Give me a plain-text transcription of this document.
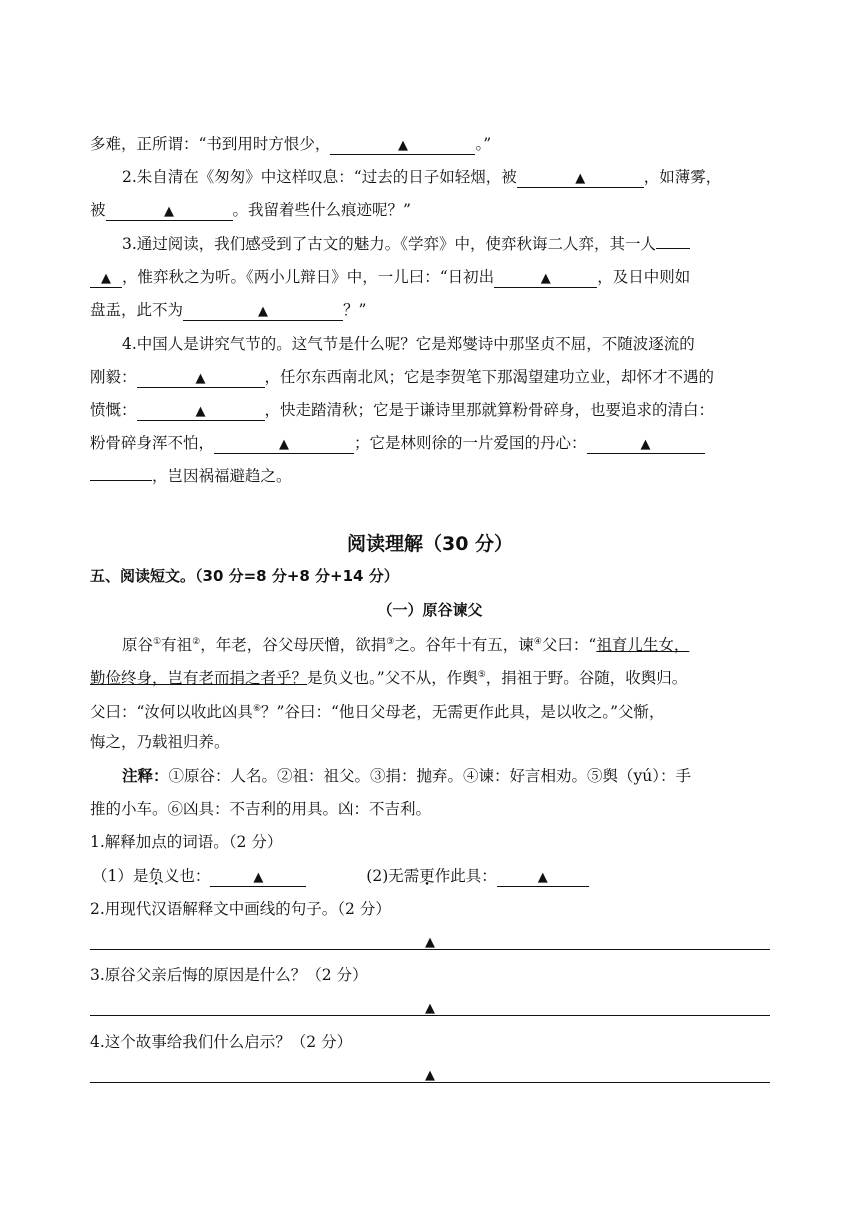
多难，正所谓：“书到用时方恨少，	▲	。”
2.朱自清在《匆匆》中这样叹息：“过去的日子如轻烟，被	▲	，如薄雾，
被	▲	。我留着些什么痕迹呢？”
3.通过阅读，我们感受到了古文的魅力。《学弈》中，使弈秋诲二人弈，其一人
▲ ，惟弈秋之为听。《两小儿辩日》中，一儿曰：“日初出	▲	，及日中则如
盘盂，此不为	▲	？”
4.中国人是讲究气节的。这气节是什么呢？它是郑燮诗中那坚贞不屈，不随波逐流的
刚毅：	▲	，任尔东西南北风；它是李贺笔下那渴望建功立业，却怀才不遇的
愤慨：	▲	，快走踏清秋；它是于谦诗里那就算粉骨碎身，也要追求的清白：
粉骨碎身浑不怕，	▲	；它是林则徐的一片爱国的丹心：	▲
，岂因祸福避趋之。
阅读理解（30 分）
五、阅读短文。（30 分=8 分+8 分+14 分）
（一）原谷谏父
原谷①有祖②，年老，谷父母厌憎，欲捐③之。谷年十有五，谏④父曰：“祖育儿生女，
勤俭终身，岂有老而捐之者乎？是负义也。”父不从，作舆⑤，捐祖于野。谷随，收舆归。
父曰：“汝何以收此凶具⑥？”谷曰：“他日父母老，无需更作此具，是以收之。”父惭，
悔之，乃载祖归养。
注释：①原谷：人名。②祖：祖父。③捐：抛弃。④谏：好言相劝。⑤舆（yú）：手
推的小车。⑥凶具：不吉利的用具。凶：不吉利。
1.解释加点的词语。（2 分）
（1）是负义也：	▲	(2)无需更作此具：	▲
2.用现代汉语解释文中画线的句子。（2 分）
▲
3.原谷父亲后悔的原因是什么？（2 分）
▲
4.这个故事给我们什么启示？（2 分）
▲
